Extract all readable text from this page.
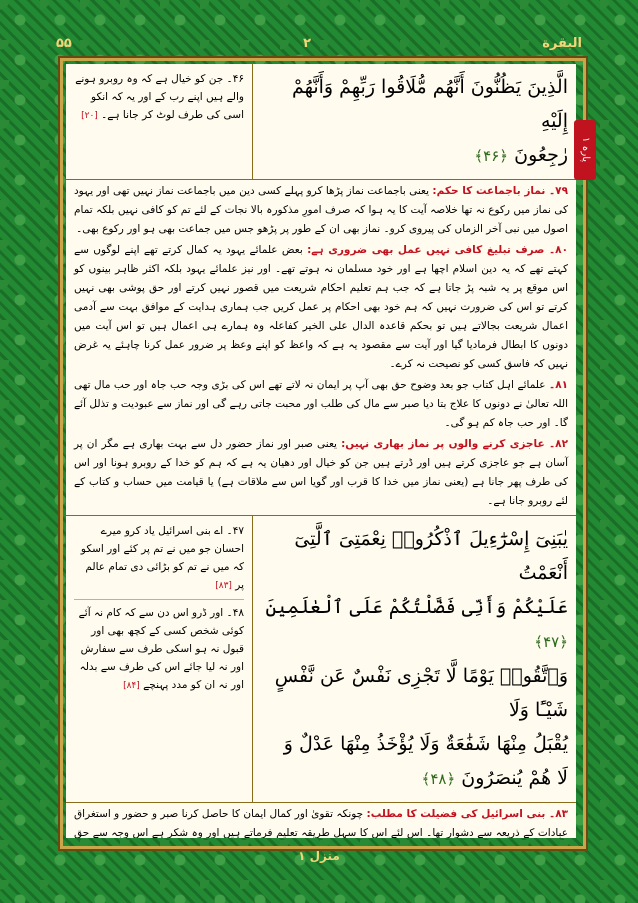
۵۵	۲	البقرة
الَّذِينَ يَظُنُّونَ أَنَّهُم مُّلَاقُوا رَبِّهِمْ وَأَنَّهُمْ إِلَيْهِ
رٰجِعُونَ ﴿۴۶﴾
۴۶۔ جن کو خیال ہے کہ وہ روبرو ہونے والے ہیں اپنے رب کے اور یہ کہ انکو اسی کی طرف لوٹ کر جانا ہے۔ [۲۰]

۷۹۔ نماز باجماعت کا حکم: یعنی باجماعت نماز پڑھا کرو پہلے کسی دین میں باجماعت نماز نہیں تھی اور یہود کی نماز میں رکوع نہ تھا خلاصہ آیت کا یہ ہوا کہ صرف امورِ مذکورہ بالا نجات کے لئے تم کو کافی نہیں بلکہ تمام اصول میں نبی آخر الزماں کی پیروی کرو۔ نماز بھی ان کے طور پر پڑھو جس میں جماعت بھی ہو اور رکوع بھی۔

۸۰۔ صرف تبلیغ کافی نہیں عمل بھی ضروری ہے: بعض علمائے یہود یہ کمال کرتے تھے اپنے لوگوں سے کہتے تھے کہ یہ دین اسلام اچھا ہے اور خود مسلمان نہ ہوتے تھے۔ اور نیز علمائے یہود بلکہ اکثر ظاہر بینوں کو اس موقع پر یہ شبہ پڑ جاتا ہے کہ جب ہم تعلیم احکام شریعت میں قصور نہیں کرتے اور حق پوشی بھی نہیں کرتے تو اس کی ضرورت نہیں کہ ہم خود بھی احکام پر عمل کریں جب ہماری ہدایت کے موافق بہت سے آدمی اعمال شریعت بجالاتے ہیں تو بحکم قاعدہ الدال علی الخیر کفاعلہ وہ ہمارے ہی اعمال ہیں تو اس آیت میں دونوں کا ابطال فرمادیا گیا اور آیت سے مقصود یہ ہے کہ واعظ کو اپنے وعظ پر ضرور عمل کرنا چاہئے یہ غرض نہیں کہ فاسق کسی کو نصیحت نہ کرے۔

۸۱۔ علمائے اہل کتاب جو بعد وضوح حق بھی آپ پر ایمان نہ لاتے تھے اس کی بڑی وجہ حب جاہ اور حب مال تھی اللہ تعالیٰ نے دونوں کا علاج بتا دیا صبر سے مال کی طلب اور محبت جاتی رہے گی اور نماز سے عبودیت و تذلل آئے گا۔ اور حب جاہ کم ہو گی۔

۸۲۔ عاجزی کرنے والوں پر نماز بھاری نہیں: یعنی صبر اور نماز حضور دل سے بہت بھاری ہے مگر ان پر آسان ہے جو عاجزی کرتے ہیں اور ڈرتے ہیں جن کو خیال اور دھیان یہ ہے کہ ہم کو خدا کے روبرو ہونا اور اس کی طرف پھر جانا ہے (یعنی نماز میں خدا کا قرب اور گویا اس سے ملاقات ہے) یا قیامت میں حساب و کتاب کے لئے روبرو جانا ہے۔

يٰبَنِىٓ إِسْرَٰٓءِيلَ ٱذْكُرُوا۟ نِعْمَتِىَ ٱلَّتِىٓ أَنْعَمْتُ
عَلَيْكُمْ وَأَنِّى فَضَّلْتُكُمْ عَلَى ٱلْعٰلَمِينَ ﴿۴۷﴾
وَٱتَّقُوا۟ يَوْمًا لَّا تَجْزِى نَفْسٌ عَن نَّفْسٍ شَيْـًٔا وَلَا
يُقْبَلُ مِنْهَا شَفَٰعَةٌ وَلَا يُؤْخَذُ مِنْهَا عَدْلٌ وَ
لَا هُمْ يُنصَرُونَ ﴿۴۸﴾
۴۷۔ اے بنی اسرائیل یاد کرو میرے احسان جو میں نے تم پر کئے اور اسکو کہ میں نے تم کو بڑائی دی تمام عالم پر [۸۳]
۴۸۔ اور ڈرو اس دن سے کہ کام نہ آئے کوئی شخص کسی کے کچھ بھی اور قبول نہ ہو اسکی طرف سے سفارش اور نہ لیا جائے اس کی طرف سے بدلہ اور نہ ان کو مدد پہنچے [۸۴]

۸۳۔ بنی اسرائیل کی فضیلت کا مطلب: چونکہ تقویٰ اور کمال ایمان کا حاصل کرنا صبر و حضور و استغراق عبادات کے ذریعہ سے دشوار تھا۔ اس لئے اس کا سہل طریقہ تعلیم فرماتے ہیں اور وہ شکر ہے اس وجہ سے حق

پارہ ۱
منزل ۱
